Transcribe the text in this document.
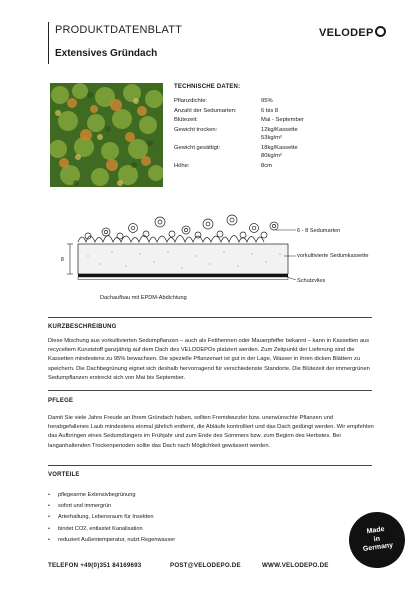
PRODUKTDATENBLATT
Extensives Gründach
VELODEP
TECHNISCHE DATEN:
Pflanzdichte:	95%
Anzahl der Sedumarten:	6 bis 8
Blütezeit:	Mai - September
Gewicht trocken:	12kg/Kassette
53kg/m²
Gewicht gesättigt:	18kg/Kassette
80kg/m²
Höhe:	8cm
8
6 - 8 Sedumarten
vorkultivierte Sedumkassette
Schutzvlies
Dachaufbau mit EPDM-Abdichtung
KURZBESCHREIBUNG
Diese Mischung aus vorkultivierten Sedumpflanzen – auch als Fetthennen oder Mauerpfeffer bekannt – kann in Kassetten aus recyceltem Kunststoff ganzjährig auf dem Dach des VELODEPOs platziert werden. Zum Zeitpunkt der Lieferung sind die Kassetten mindestens zu 95% bewachsen. Die spezielle Pflanzenart ist gut in der Lage, Wasser in ihren dicken Blättern zu speichern. Die Dachbegrünung eignet sich deshalb hervorragend für verschiedenste Standorte. Die Blütezeit der immergrünen Sedumpflanzen erstreckt sich von Mai bis September.
PFLEGE
Damit Sie viele Jahre Freude an Ihrem Gründach haben, sollten Fremdwurzler bzw. unerwünschte Pflanzen und herabgefallenes Laub mindestens einmal jährlich entfernt, die Abläufe kontrolliert und das Dach gedüngt werden. Wir empfehlen das Aufbringen eines Sedumdüngers im Frühjahr und zum Ende des Sommers bzw. zum Beginn des Herbstes. Bei langanhaltenden Trockenperioden sollte das Dach nach Möglichkeit gewässert werden.
VORTEILE
• pflegearme Extensivbegrünung
• sofort und immergrün
• Arterhaltung, Lebensraum für Insekten
• bindet CO2, entlastet Kanalisation
• reduziert Außentemperatur, nutzt Regenwasser
Made
in
Germany
TELEFON +49(0)351 84169693	POST@VELODEPO.DE	WWW.VELODEPO.DE
